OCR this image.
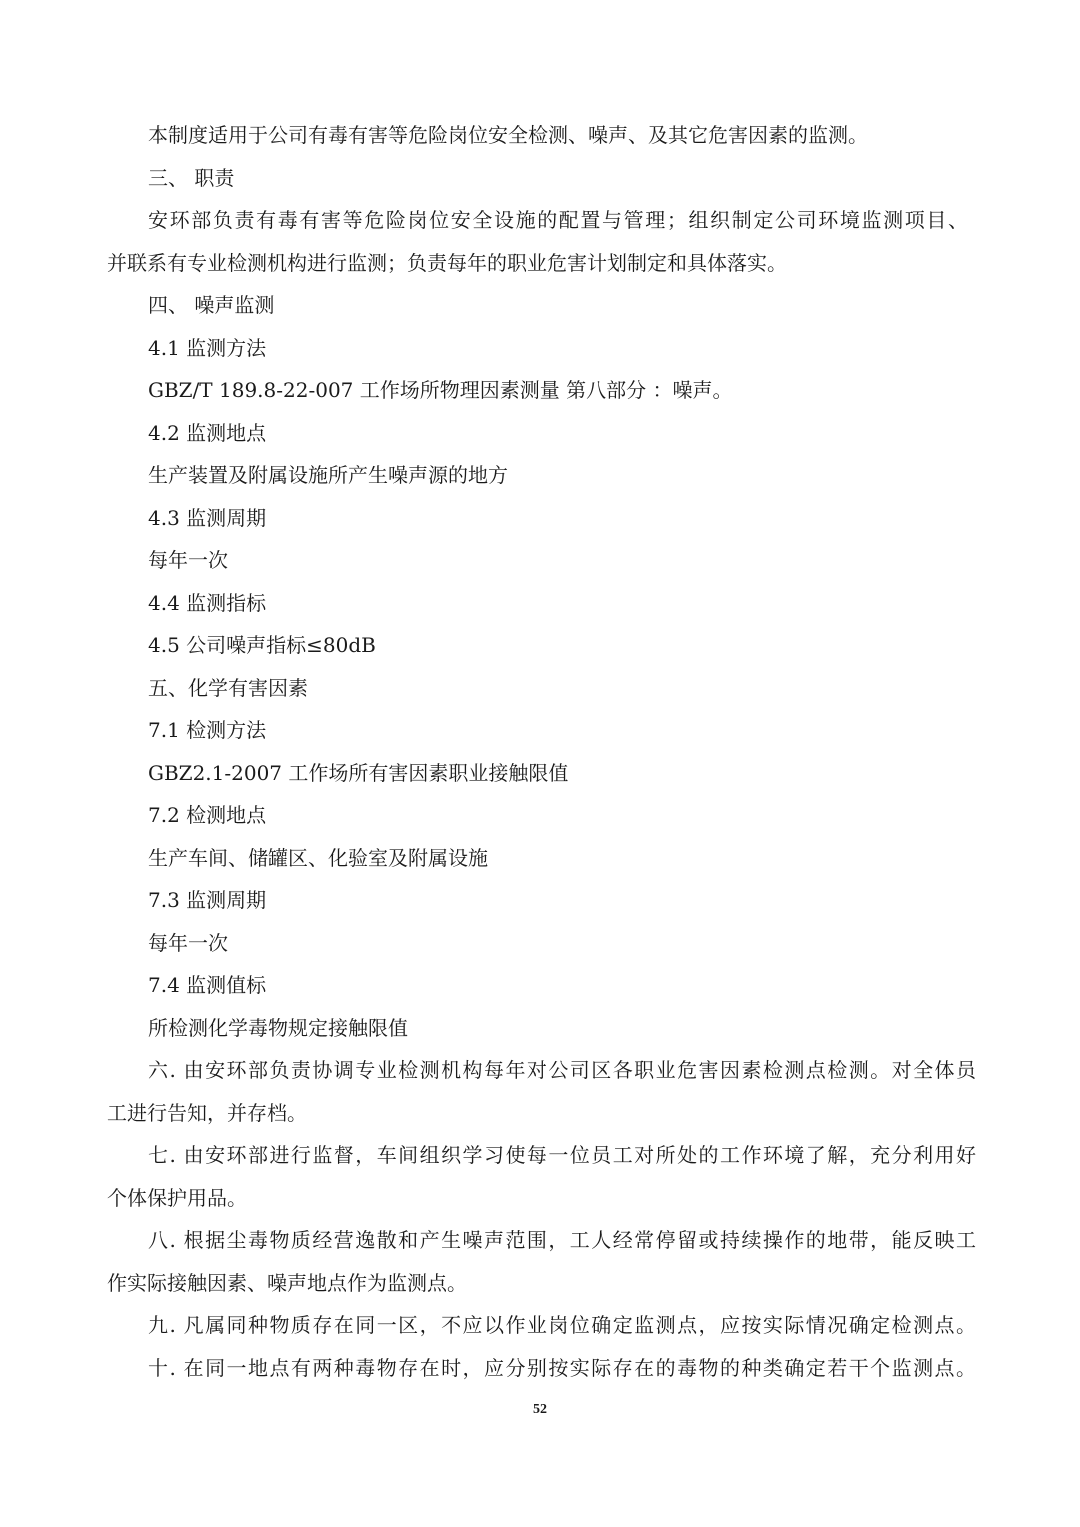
本制度适用于公司有毒有害等危险岗位安全检测、噪声、及其它危害因素的监测。

三、 职责

安环部负责有毒有害等危险岗位安全设施的配置与管理；组织制定公司环境监测项目、

并联系有专业检测机构进行监测；负责每年的职业危害计划制定和具体落实。

四、 噪声监测

4.1 监测方法

GBZ/T 189.8-22-007 工作场所物理因素测量 第八部分 ：噪声。

4.2 监测地点

生产装置及附属设施所产生噪声源的地方

4.3 监测周期

每年一次

4.4 监测指标

4.5 公司噪声指标≤80dB

五、化学有害因素

7.1 检测方法

GBZ2.1-2007 工作场所有害因素职业接触限值

7.2 检测地点

生产车间、储罐区、化验室及附属设施

7.3 监测周期

每年一次

7.4 监测值标

所检测化学毒物规定接触限值

六. 由安环部负责协调专业检测机构每年对公司区各职业危害因素检测点检测。对全体员

工进行告知，并存档。

七. 由安环部进行监督，车间组织学习使每一位员工对所处的工作环境了解，充分利用好

个体保护用品。

八. 根据尘毒物质经营逸散和产生噪声范围，工人经常停留或持续操作的地带，能反映工

作实际接触因素、噪声地点作为监测点。

九. 凡属同种物质存在同一区，不应以作业岗位确定监测点，应按实际情况确定检测点。

十. 在同一地点有两种毒物存在时，应分别按实际存在的毒物的种类确定若干个监测点。

52
